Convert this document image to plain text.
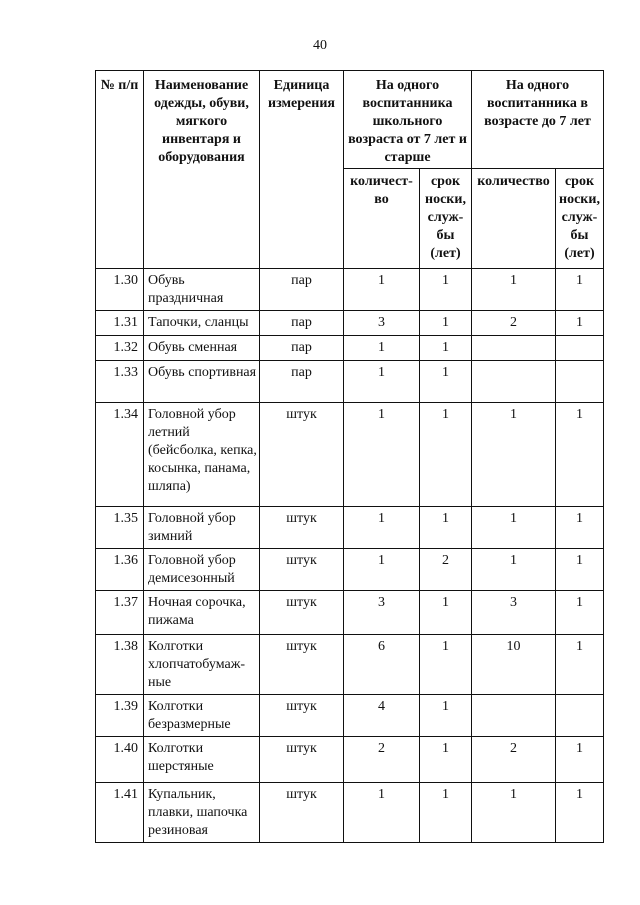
40
№ п/п	Наименование одежды, обуви, мягкого инвентаря и оборудования	Единица измерения	На одного воспитанника школьного возраста от 7 лет и старше		На одного воспитанника в возрасте до 7 лет	
			количест-во	срок носки, служ-бы (лет)	количество	срок носки, служ-бы (лет)
1.30	Обувь праздничная	пар	1	1	1	1
1.31	Тапочки, сланцы	пар	3	1	2	1
1.32	Обувь сменная	пар	1	1		
1.33	Обувь спортивная	пар	1	1		
1.34	Головной убор летний (бейсболка, кепка, косынка, панама, шляпа)	штук	1	1	1	1
1.35	Головной убор зимний	штук	1	1	1	1
1.36	Головной убор демисезонный	штук	1	2	1	1
1.37	Ночная сорочка, пижама	штук	3	1	3	1
1.38	Колготки хлопчатобумаж-ные	штук	6	1	10	1
1.39	Колготки безразмерные	штук	4	1		
1.40	Колготки шерстяные	штук	2	1	2	1
1.41	Купальник, плавки, шапочка резиновая	штук	1	1	1	1
